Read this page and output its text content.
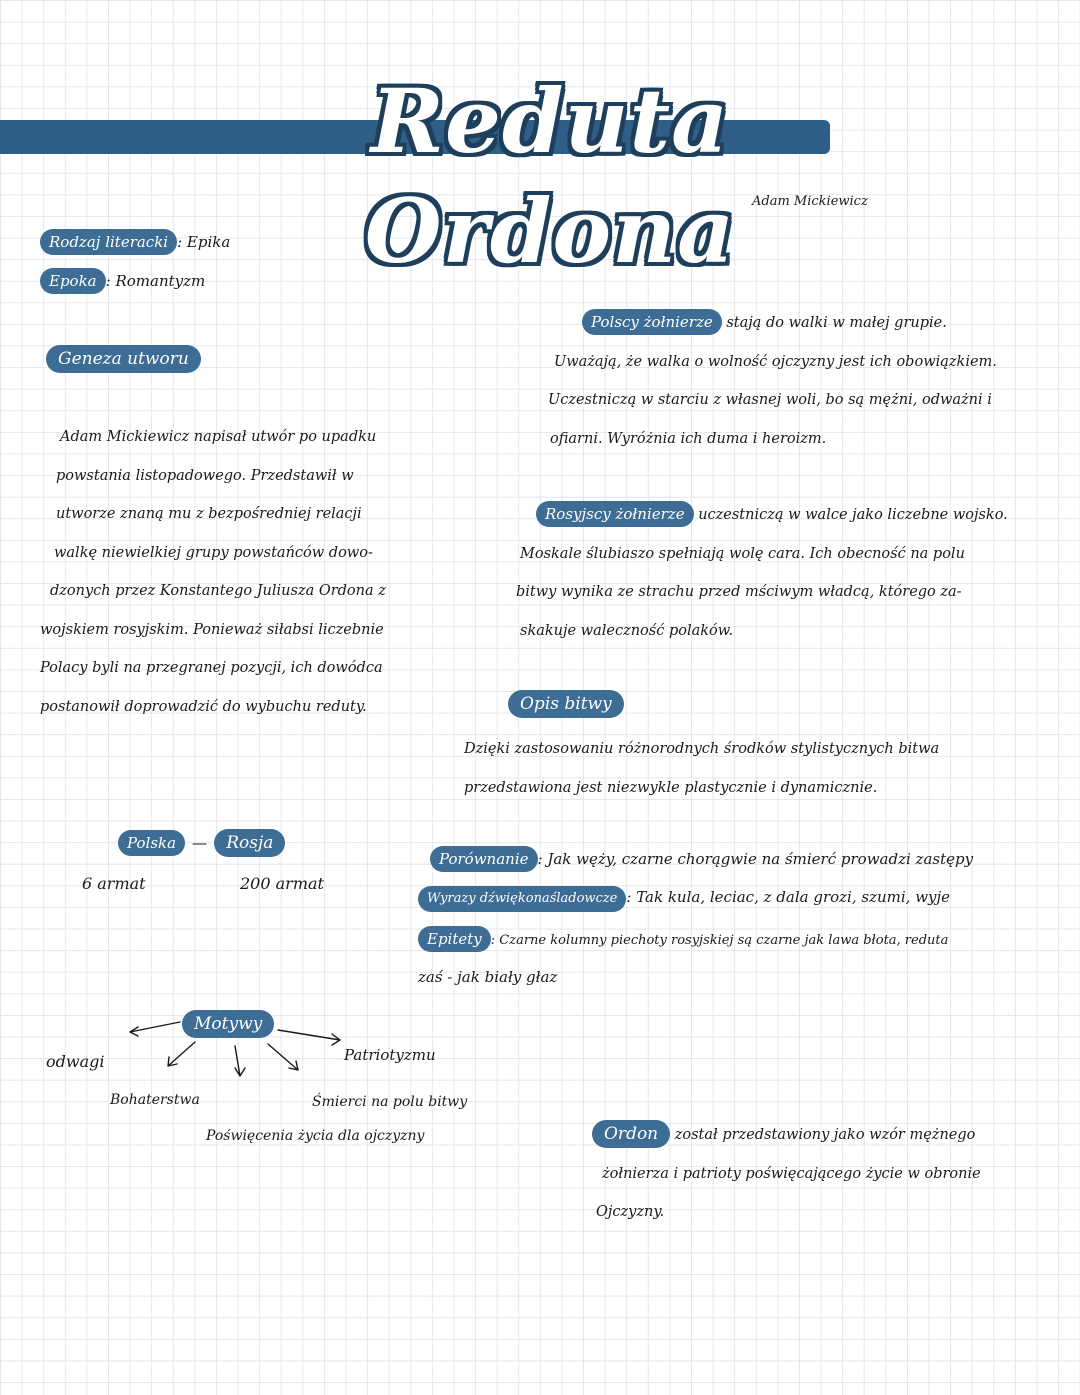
Reduta Ordona	Adam Mickiewicz
Rodzaj literacki : Epika
Epoka : Romantyzm
Geneza utworu
Adam Mickiewicz napisał utwór po upadku
powstania listopadowego. Przedstawił w
utworze znaną mu z bezpośredniej relacji
walkę niewielkiej grupy powstańców dowo-
dzonych przez Konstantego Juliusza Ordona z
wojskiem rosyjskim. Ponieważ siłabsi liczebnie
Polacy byli na przegranej pozycji, ich dowódca
postanowił doprowadzić do wybuchu reduty.
Polska — Rosja
6 armat	200 armat
Motywy
odwagi
Bohaterstwa
Poświęcenia życia dla ojczyzny
Śmierci na polu bitwy
Patriotyzmu
Polscy żołnierze stają do walki w małej grupie.
Uważają, że walka o wolność ojczyzny jest ich obowiązkiem.
Uczestniczą w starciu z własnej woli, bo są mężni, odważni i
ofiarni. Wyróżnia ich duma i heroizm.
Rosyjscy żołnierze uczestniczą w walce jako liczebne wojsko.
Moskale ślubiaszo spełniają wolę cara. Ich obecność na polu
bitwy wynika ze strachu przed mściwym władcą, którego za-
skakuje waleczność polaków.
Opis bitwy
Dzięki zastosowaniu różnorodnych środków stylistycznych bitwa
przedstawiona jest niezwykle plastycznie i dynamicznie.
Porównanie : Jak węży, czarne chorągwie na śmierć prowadzi zastępy
Wyrazy dźwiękonaśladowcze : Tak kula, leciac, z dala grozi, szumi, wyje
Epitety : Czarne kolumny piechoty rosyjskiej są czarne jak lawa błota, reduta
zaś - jak biały głaz
Ordon został przedstawiony jako wzór mężnego
żołnierza i patrioty poświęcającego życie w obronie
Ojczyzny.
